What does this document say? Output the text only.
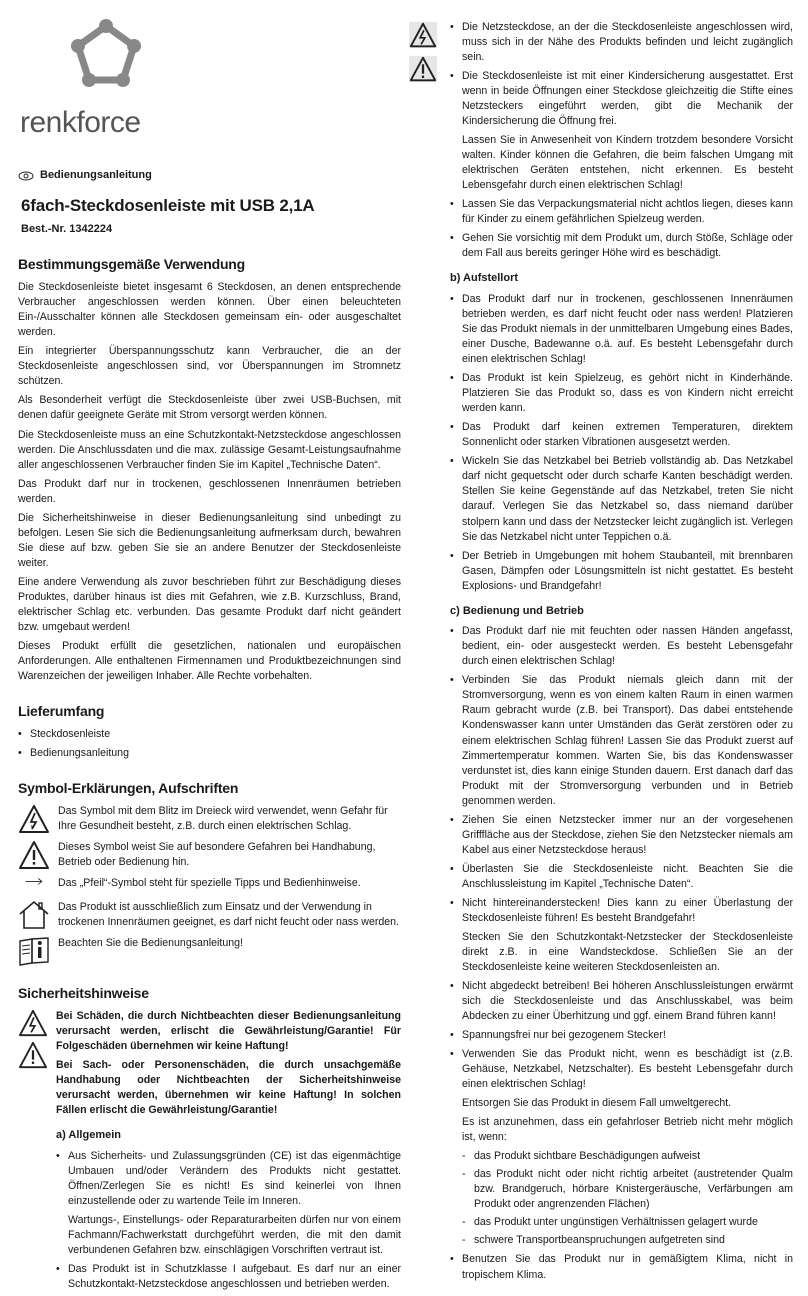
renkforce
Bedienungsanleitung
6fach-Steckdosenleiste mit USB 2,1A
Best.-Nr. 1342224
Bestimmungsgemäße Verwendung

Die Steckdosenleiste bietet insgesamt 6 Steckdosen, an denen entsprechende Verbraucher angeschlossen werden können. Über einen beleuchteten Ein-/Ausschalter können alle Steckdosen gemeinsam ein- oder ausgeschaltet werden.

Ein integrierter Überspannungsschutz kann Verbraucher, die an der Steckdosenleiste angeschlossen sind, vor Überspannungen im Stromnetz schützen.

Als Besonderheit verfügt die Steckdosenleiste über zwei USB-Buchsen, mit denen dafür geeignete Geräte mit Strom versorgt werden können.

Die Steckdosenleiste muss an eine Schutzkontakt-Netzsteckdose angeschlossen werden. Die Anschlussdaten und die max. zulässige Gesamt-Leistungsaufnahme aller angeschlossenen Verbraucher finden Sie im Kapitel „Technische Daten“.

Das Produkt darf nur in trockenen, geschlossenen Innenräumen betrieben werden.

Die Sicherheitshinweise in dieser Bedienungsanleitung sind unbedingt zu befolgen. Lesen Sie sich die Bedienungsanleitung aufmerksam durch, bewahren Sie diese auf bzw. geben Sie sie an andere Benutzer der Steckdosenleiste weiter.

Eine andere Verwendung als zuvor beschrieben führt zur Beschädigung dieses Produktes, darüber hinaus ist dies mit Gefahren, wie z.B. Kurzschluss, Brand, elektrischer Schlag etc. verbunden. Das gesamte Produkt darf nicht geändert bzw. umgebaut werden!

Dieses Produkt erfüllt die gesetzlichen, nationalen und europäischen Anforderungen. Alle enthaltenen Firmennamen und Produktbezeichnungen sind Warenzeichen der jeweiligen Inhaber. Alle Rechte vorbehalten.

Lieferumfang
• Steckdosenleiste
• Bedienungsanleitung
Symbol-Erklärungen, Aufschriften
Das Symbol mit dem Blitz im Dreieck wird verwendet, wenn Gefahr für Ihre Gesundheit besteht, z.B. durch einen elektrischen Schlag.
Dieses Symbol weist Sie auf besondere Gefahren bei Handhabung, Betrieb oder Bedienung hin.
Das „Pfeil“-Symbol steht für spezielle Tipps und Bedienhinweise.
Das Produkt ist ausschließlich zum Einsatz und der Verwendung in trockenen Innenräumen geeignet, es darf nicht feucht oder nass werden.
Beachten Sie die Bedienungsanleitung!
Sicherheitshinweise

Bei Schäden, die durch Nichtbeachten dieser Bedienungsanleitung verursacht werden, erlischt die Gewährleistung/Garantie! Für Folgeschäden übernehmen wir keine Haftung!

Bei Sach- oder Personenschäden, die durch unsachgemäße Handhabung oder Nichtbeachten der Sicherheitshinweise verursacht werden, übernehmen wir keine Haftung! In solchen Fällen erlischt die Gewährleistung/Garantie!

a) Allgemein
• Aus Sicherheits- und Zulassungsgründen (CE) ist das eigenmächtige Umbauen und/oder Verändern des Produkts nicht gestattet. Öffnen/Zerlegen Sie es nicht! Es sind keinerlei von Ihnen einzustellende oder zu wartende Teile im Inneren.

Wartungs-, Einstellungs- oder Reparaturarbeiten dürfen nur von einem Fachmann/Fachwerkstatt durchgeführt werden, die mit den damit verbundenen Gefahren bzw. einschlägigen Vorschriften vertraut ist.

• Das Produkt ist in Schutzklasse I aufgebaut. Es darf nur an einer Schutzkontakt-Netzsteckdose angeschlossen und betrieben werden.
• Die Netzsteckdose, an der die Steckdosenleiste angeschlossen wird, muss sich in der Nähe des Produkts befinden und leicht zugänglich sein.
• Die Steckdosenleiste ist mit einer Kindersicherung ausgestattet. Erst wenn in beide Öffnungen einer Steckdose gleichzeitig die Stifte eines Netzsteckers eingeführt werden, gibt die Mechanik der Kindersicherung die Öffnung frei.

Lassen Sie in Anwesenheit von Kindern trotzdem besondere Vorsicht walten. Kinder können die Gefahren, die beim falschen Umgang mit elektrischen Geräten entstehen, nicht erkennen. Es besteht Lebensgefahr durch einen elektrischen Schlag!

• Lassen Sie das Verpackungsmaterial nicht achtlos liegen, dieses kann für Kinder zu einem gefährlichen Spielzeug werden.
• Gehen Sie vorsichtig mit dem Produkt um, durch Stöße, Schläge oder dem Fall aus bereits geringer Höhe wird es beschädigt.
b) Aufstellort
• Das Produkt darf nur in trockenen, geschlossenen Innenräumen betrieben werden, es darf nicht feucht oder nass werden! Platzieren Sie das Produkt niemals in der unmittelbaren Umgebung eines Bades, einer Dusche, Badewanne o.ä. auf. Es besteht Lebensgefahr durch einen elektrischen Schlag!
• Das Produkt ist kein Spielzeug, es gehört nicht in Kinderhände. Platzieren Sie das Produkt so, dass es von Kindern nicht erreicht werden kann.
• Das Produkt darf keinen extremen Temperaturen, direktem Sonnenlicht oder starken Vibrationen ausgesetzt werden.
• Wickeln Sie das Netzkabel bei Betrieb vollständig ab. Das Netzkabel darf nicht gequetscht oder durch scharfe Kanten beschädigt werden. Stellen Sie keine Gegenstände auf das Netzkabel, treten Sie nicht darauf. Verlegen Sie das Netzkabel so, dass niemand darüber stolpern kann und dass der Netzstecker leicht zugänglich ist. Verlegen Sie das Netzkabel nicht unter Teppichen o.ä.
• Der Betrieb in Umgebungen mit hohem Staubanteil, mit brennbaren Gasen, Dämpfen oder Lösungsmitteln ist nicht gestattet. Es besteht Explosions- und Brandgefahr!
c) Bedienung und Betrieb
• Das Produkt darf nie mit feuchten oder nassen Händen angefasst, bedient, ein- oder ausgesteckt werden. Es besteht Lebensgefahr durch einen elektrischen Schlag!
• Verbinden Sie das Produkt niemals gleich dann mit der Stromversorgung, wenn es von einem kalten Raum in einen warmen Raum gebracht wurde (z.B. bei Transport). Das dabei entstehende Kondenswasser kann unter Umständen das Gerät zerstören oder zu einem elektrischen Schlag führen! Lassen Sie das Produkt zuerst auf Zimmertemperatur kommen. Warten Sie, bis das Kondenswasser verdunstet ist, dies kann einige Stunden dauern. Erst danach darf das Produkt mit der Stromversorgung verbunden und in Betrieb genommen werden.
• Ziehen Sie einen Netzstecker immer nur an der vorgesehenen Grifffläche aus der Steckdose, ziehen Sie den Netzstecker niemals am Kabel aus einer Netzsteckdose heraus!
• Überlasten Sie die Steckdosenleiste nicht. Beachten Sie die Anschlussleistung im Kapitel „Technische Daten“.
• Nicht hintereinanderstecken! Dies kann zu einer Überlastung der Steckdosenleiste führen! Es besteht Brandgefahr!

Stecken Sie den Schutzkontakt-Netzstecker der Steckdosenleiste direkt z.B. in eine Wandsteckdose. Schließen Sie an der Steckdosenleiste keine weiteren Steckdosenleisten an.

• Nicht abgedeckt betreiben! Bei höheren Anschlussleistungen erwärmt sich die Steckdosenleiste und das Anschlusskabel, was beim Abdecken zu einer Überhitzung und ggf. einem Brand führen kann!
• Spannungsfrei nur bei gezogenem Stecker!
• Verwenden Sie das Produkt nicht, wenn es beschädigt ist (z.B. Gehäuse, Netzkabel, Netzschalter). Es besteht Lebensgefahr durch einen elektrischen Schlag!

Entsorgen Sie das Produkt in diesem Fall umweltgerecht.

Es ist anzunehmen, dass ein gefahrloser Betrieb nicht mehr möglich ist, wenn:

- das Produkt sichtbare Beschädigungen aufweist
- das Produkt nicht oder nicht richtig arbeitet (austretender Qualm bzw. Brandgeruch, hörbare Knistergeräusche, Verfärbungen am Produkt oder angrenzenden Flächen)
- das Produkt unter ungünstigen Verhältnissen gelagert wurde
- schwere Transportbeanspruchungen aufgetreten sind
• Benutzen Sie das Produkt nur in gemäßigtem Klima, nicht in tropischem Klima.
